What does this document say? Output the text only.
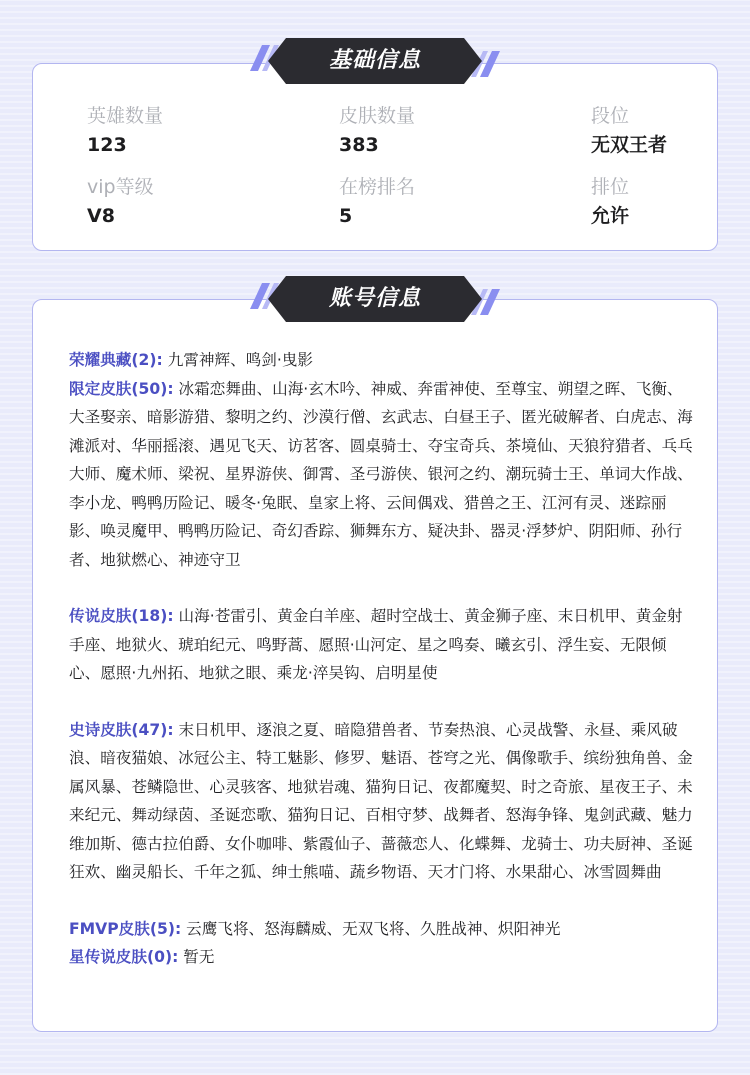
英雄数量
123
皮肤数量
383
段位
无双王者
vip等级
V8
在榜排名
5
排位
允许
基础信息

荣耀典藏(2): 九霄神辉、鸣剑·曳影

限定皮肤(50): 冰霜恋舞曲、山海·玄木吟、神威、奔雷神使、至尊宝、朔望之晖、飞衡、大圣娶亲、暗影游猎、黎明之约、沙漠行僧、玄武志、白昼王子、匿光破解者、白虎志、海滩派对、华丽摇滚、遇见飞天、访茗客、圆桌骑士、夺宝奇兵、茶境仙、天狼狩猎者、乓乓大师、魔术师、梁祝、星界游侠、御霄、圣弓游侠、银河之约、潮玩骑士王、单词大作战、李小龙、鸭鸭历险记、暖冬·兔眠、皇家上将、云间偶戏、猎兽之王、江河有灵、迷踪丽影、唤灵魔甲、鸭鸭历险记、奇幻香踪、狮舞东方、疑决卦、器灵·浮梦炉、阴阳师、孙行者、地狱燃心、神迹守卫

传说皮肤(18): 山海·苍雷引、黄金白羊座、超时空战士、黄金狮子座、末日机甲、黄金射手座、地狱火、琥珀纪元、鸣野蒿、愿照·山河定、星之鸣奏、曦玄引、浮生妄、无限倾心、愿照·九州拓、地狱之眼、乘龙·淬吴钩、启明星使

史诗皮肤(47): 末日机甲、逐浪之夏、暗隐猎兽者、节奏热浪、心灵战警、永昼、乘风破浪、暗夜猫娘、冰冠公主、特工魅影、修罗、魅语、苍穹之光、偶像歌手、缤纷独角兽、金属风暴、苍鳞隐世、心灵骇客、地狱岩魂、猫狗日记、夜都魔契、时之奇旅、星夜王子、未来纪元、舞动绿茵、圣诞恋歌、猫狗日记、百相守梦、战舞者、怒海争锋、鬼剑武藏、魅力维加斯、德古拉伯爵、女仆咖啡、紫霞仙子、蔷薇恋人、化蝶舞、龙骑士、功夫厨神、圣诞狂欢、幽灵船长、千年之狐、绅士熊喵、蔬乡物语、天才门将、水果甜心、冰雪圆舞曲

FMVP皮肤(5): 云鹰飞将、怒海麟威、无双飞将、久胜战神、炽阳神光

星传说皮肤(0): 暂无

账号信息
